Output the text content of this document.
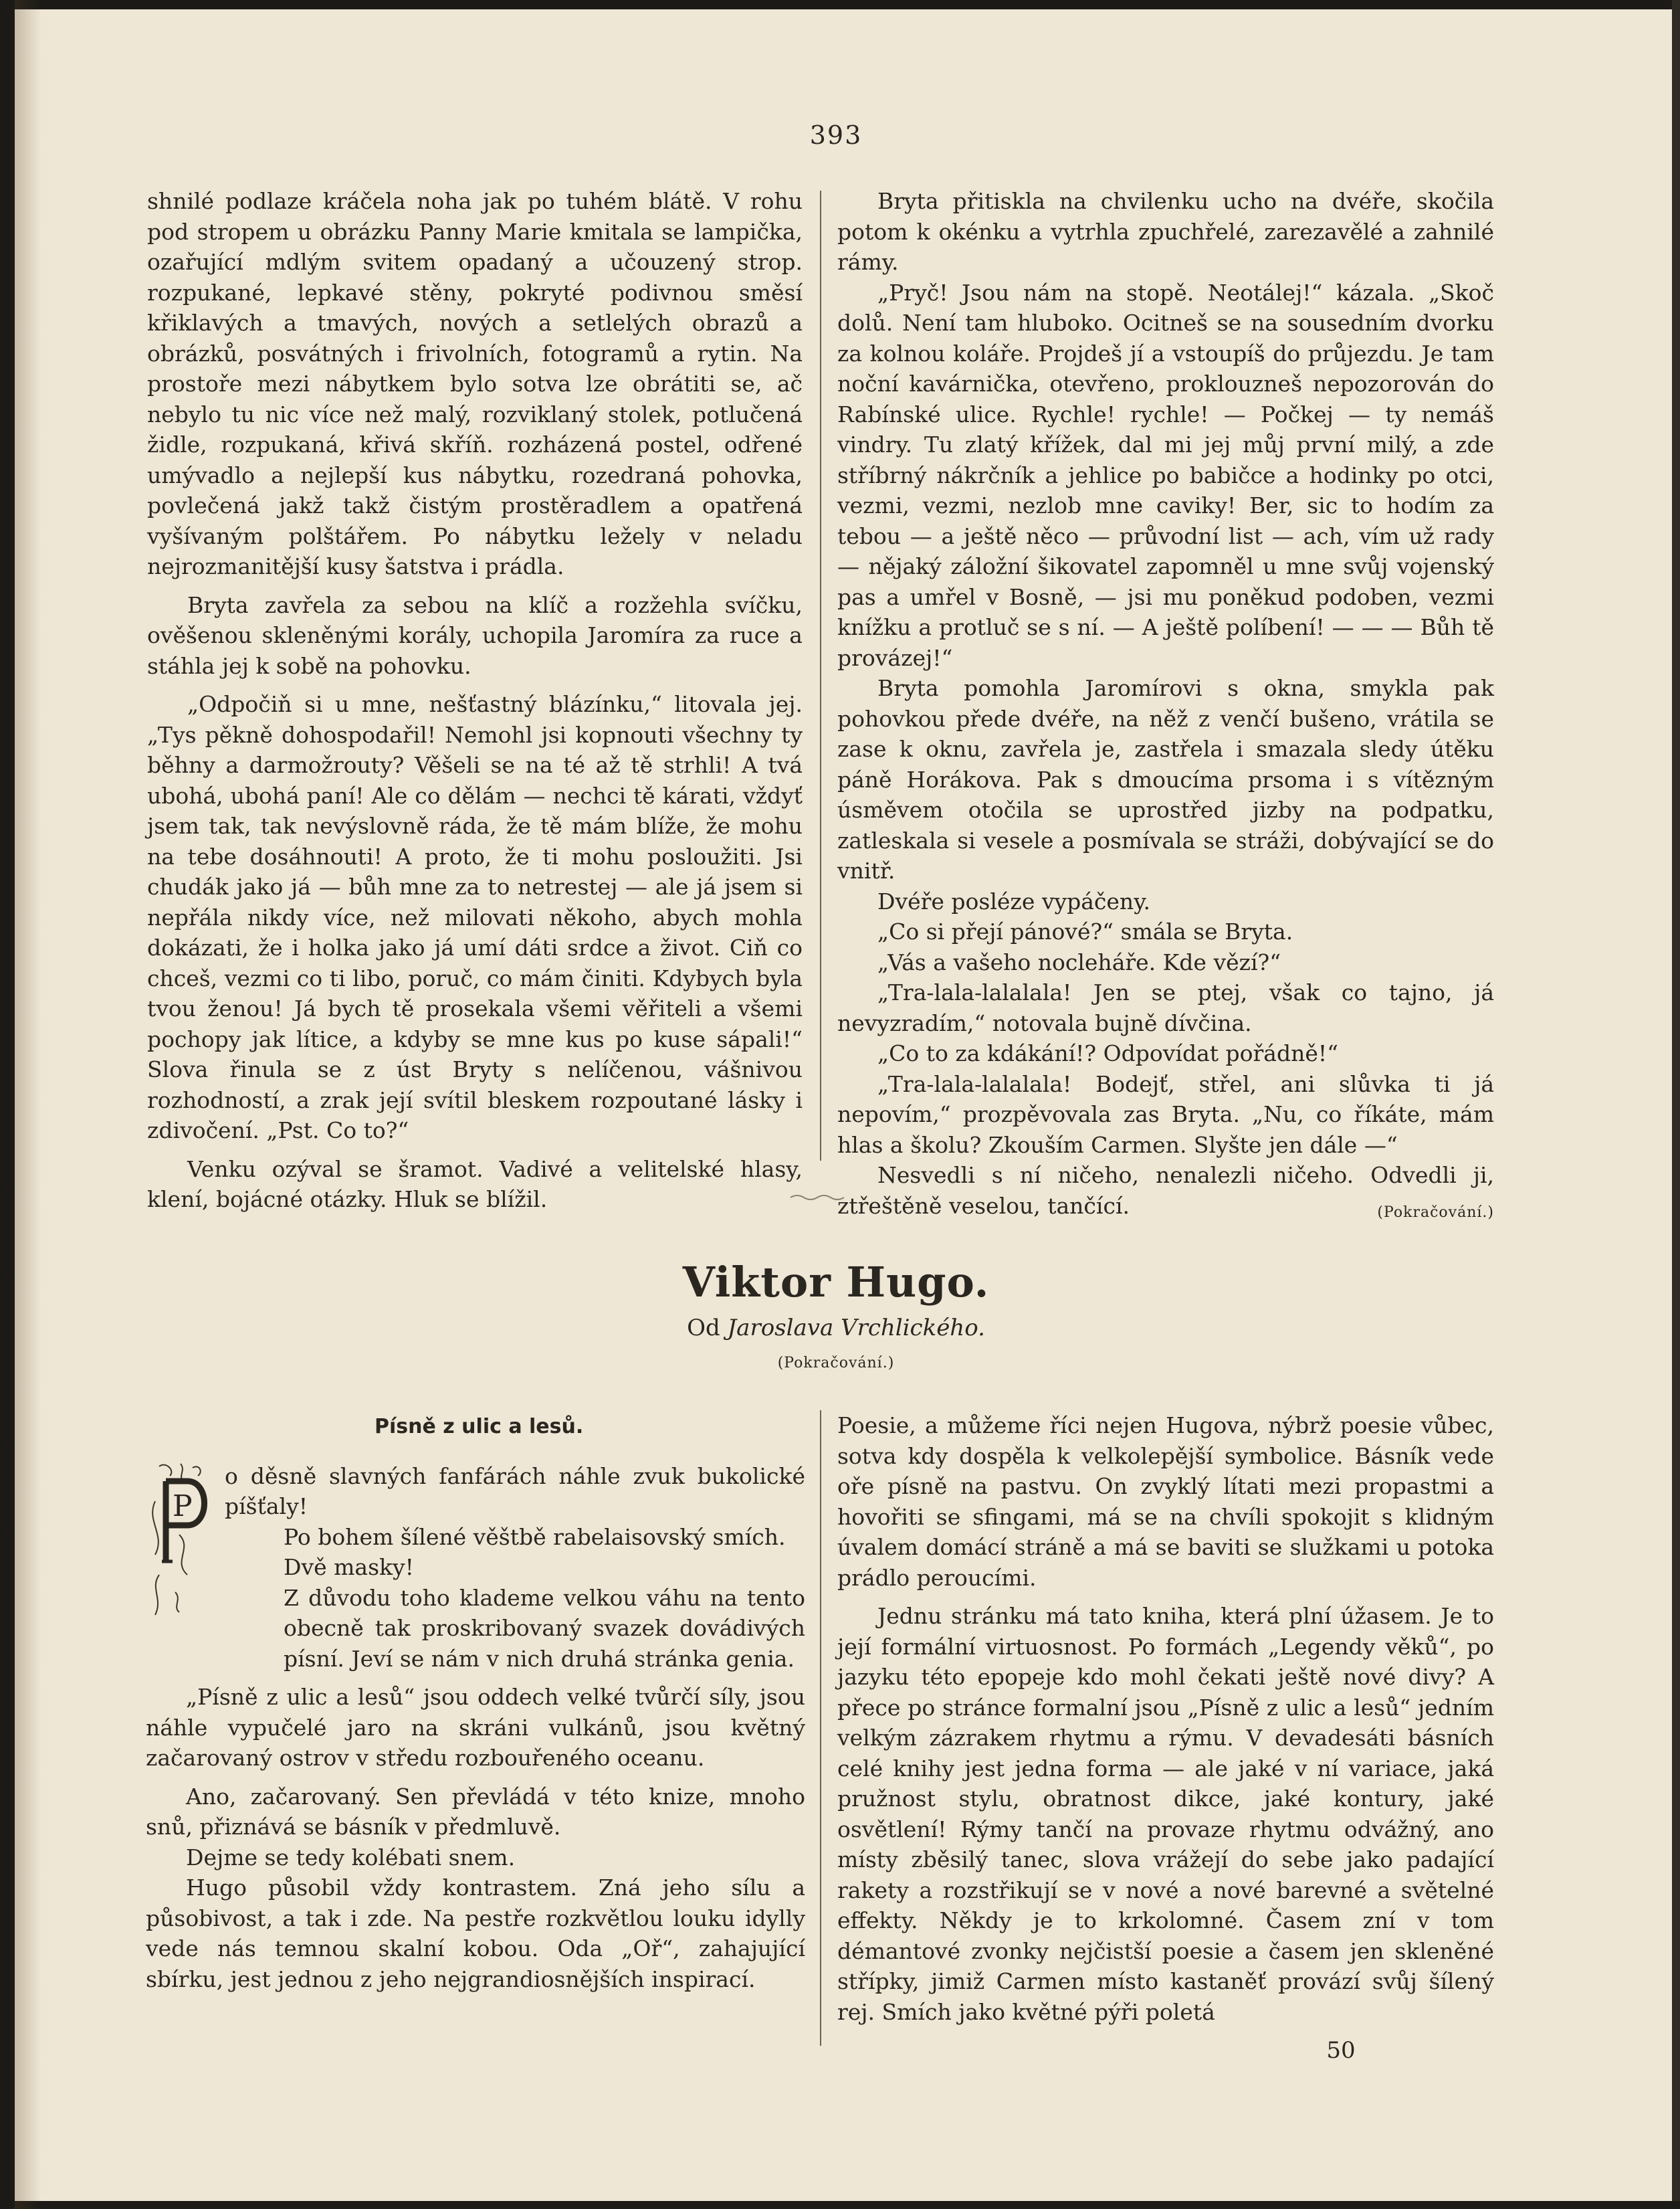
393

shnilé podlaze kráčela noha jak po tuhém blátě. V rohu pod stropem u obrázku Panny Marie kmitala se lampička, ozařující mdlým svitem opadaný a učouzený strop. rozpukané, lepkavé stěny, pokryté podivnou směsí křiklavých a tmavých, nových a setlelých obrazů a obrázků, posvátných i frivolních, fotogramů a rytin. Na prostoře mezi nábytkem bylo sotva lze obrátiti se, ač nebylo tu nic více než malý, rozviklaný stolek, potlučená židle, rozpukaná, křivá skříň. rozházená postel, odřené umývadlo a nejlepší kus nábytku, rozedraná pohovka, povlečená jakž takž čistým prostěradlem a opatřená vyšívaným polštářem. Po nábytku ležely v neladu nejrozmanitější kusy šatstva i prádla.

Bryta zavřela za sebou na klíč a rozžehla svíčku, ověšenou skleněnými korály, uchopila Jaromíra za ruce a stáhla jej k sobě na pohovku.

„Odpočiň si u mne, nešťastný blázínku,“ litovala jej. „Tys pěkně dohospodařil! Nemohl jsi kopnouti všechny ty běhny a darmožrouty? Věšeli se na té až tě strhli! A tvá ubohá, ubohá paní! Ale co dělám — nechci tě kárati, vždyť jsem tak, tak nevýslovně ráda, že tě mám blíže, že mohu na tebe dosáhnouti! A proto, že ti mohu posloužiti. Jsi chudák jako já — bůh mne za to netrestej — ale já jsem si nepřála nikdy více, než milovati někoho, abych mohla dokázati, že i holka jako já umí dáti srdce a život. Ciň co chceš, vezmi co ti libo, poruč, co mám činiti. Kdybych byla tvou ženou! Já bych tě prosekala všemi věřiteli a všemi pochopy jak lítice, a kdyby se mne kus po kuse sápali!“ Slova řinula se z úst Bryty s nelíčenou, vášnivou rozhodností, a zrak její svítil bleskem rozpoutané lásky i zdivočení. „Pst. Co to?“

Venku ozýval se šramot. Vadivé a velitelské hlasy, klení, bojácné otázky. Hluk se blížil.

Bryta přitiskla na chvilenku ucho na dvéře, skočila potom k okénku a vytrhla zpuchřelé, zarezavělé a zahnilé rámy.

„Pryč! Jsou nám na stopě. Neotálej!“ kázala. „Skoč dolů. Není tam hluboko. Ocitneš se na sousedním dvorku za kolnou koláře. Projdeš jí a vstoupíš do průjezdu. Je tam noční kavárnička, otevřeno, proklouzneš nepozorován do Rabínské ulice. Rychle! rychle! — Počkej — ty nemáš vindry. Tu zlatý křížek, dal mi jej můj první milý, a zde stříbrný nákrčník a jehlice po babičce a hodinky po otci, vezmi, vezmi, nezlob mne caviky! Ber, sic to hodím za tebou — a ještě něco — průvodní list — ach, vím už rady — nějaký záložní šikovatel zapomněl u mne svůj vojenský pas a umřel v Bosně, — jsi mu poněkud podoben, vezmi knížku a protluč se s ní. — A ještě políbení! — — — Bůh tě provázej!“

Bryta pomohla Jaromírovi s okna, smykla pak pohovkou přede dvéře, na něž z venčí bušeno, vrátila se zase k oknu, zavřela je, zastřela i smazala sledy útěku páně Horákova. Pak s dmoucíma prsoma i s vítězným úsměvem otočila se uprostřed jizby na podpatku, zatleskala si vesele a posmívala se stráži, dobývající se do vnitř.

Dvéře posléze vypáčeny.

„Co si přejí pánové?“ smála se Bryta.

„Vás a vašeho nocleháře. Kde vězí?“

„Tra-lala-lalalala! Jen se ptej, však co tajno, já nevyzradím,“ notovala bujně dívčina.

„Co to za kdákání!? Odpovídat pořádně!“

„Tra-lala-lalalala! Bodejť, střel, ani slůvka ti já nepovím,“ prozpěvovala zas Bryta. „Nu, co říkáte, mám hlas a školu? Zkouším Carmen. Slyšte jen dále —“

Nesvedli s ní ničeho, nenalezli ničeho. Odvedli ji, ztřeštěně veselou, tančící.	(Pokračování.)

Viktor Hugo.
Od Jaroslava Vrchlického.
(Pokračování.)
Písně z ulic a lesů.
P

o děsně slavných fanfárách náhle zvuk bukolické píšťaly!

Po bohem šílené věštbě rabelaisovský smích.

Dvě masky!

Z důvodu toho klademe velkou váhu na tento obecně tak proskribovaný svazek dovádivých písní. Jeví se nám v nich druhá stránka genia.

„Písně z ulic a lesů“ jsou oddech velké tvůrčí síly, jsou náhle vypučelé jaro na skráni vulkánů, jsou květný začarovaný ostrov v středu rozbouřeného oceanu.

Ano, začarovaný. Sen převládá v této knize, mnoho snů, přiznává se básník v předmluvě.

Dejme se tedy kolébati snem.

Hugo působil vždy kontrastem. Zná jeho sílu a působivost, a tak i zde. Na pestře rozkvětlou louku idylly vede nás temnou skalní kobou. Oda „Oř“, zahajující sbírku, jest jednou z jeho nejgrandiosnějších inspirací.

Poesie, a můžeme říci nejen Hugova, nýbrž poesie vůbec, sotva kdy dospěla k velkolepější symbolice. Básník vede oře písně na pastvu. On zvyklý lítati mezi propastmi a hovořiti se sfingami, má se na chvíli spokojit s klidným úvalem domácí stráně a má se baviti se služkami u potoka prádlo peroucími.

Jednu stránku má tato kniha, která plní úžasem. Je to její formální virtuosnost. Po formách „Legendy věků“, po jazyku této epopeje kdo mohl čekati ještě nové divy? A přece po stránce formalní jsou „Písně z ulic a lesů“ jedním velkým zázrakem rhytmu a rýmu. V devadesáti básních celé knihy jest jedna forma — ale jaké v ní variace, jaká pružnost stylu, obratnost dikce, jaké kontury, jaké osvětlení! Rýmy tančí na provaze rhytmu odvážný, ano místy zběsilý tanec, slova vrážejí do sebe jako padající rakety a rozstřikují se v nové a nové barevné a světelné effekty. Někdy je to krkolomné. Časem zní v tom démantové zvonky nejčistší poesie a časem jen skleněné střípky, jimiž Carmen místo kastaněť provází svůj šílený rej. Smích jako květné pýři poletá

50
